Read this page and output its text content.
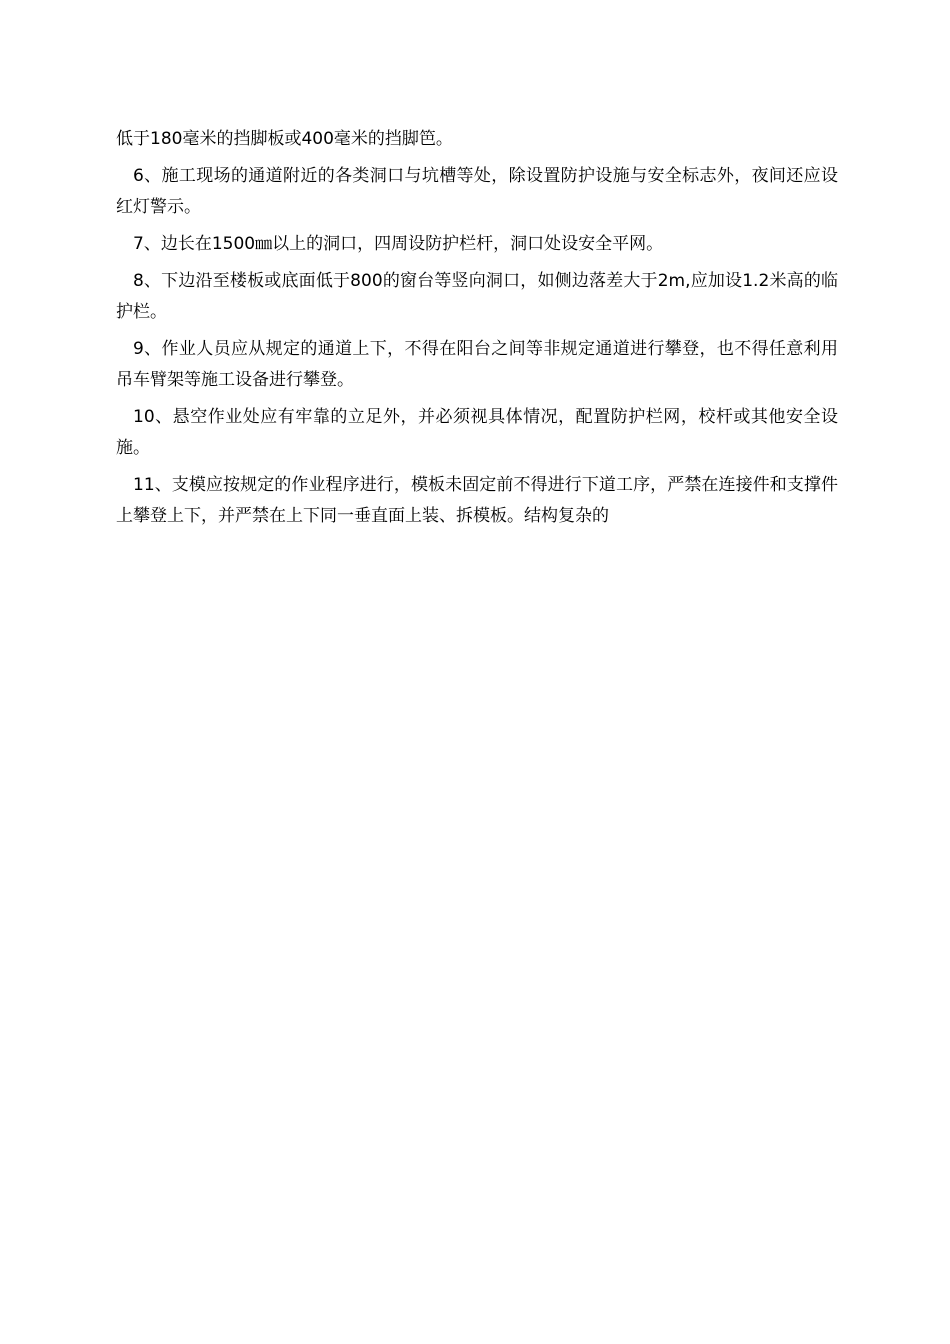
低于180毫米的挡脚板或400毫米的挡脚笆。

6、施工现场的通道附近的各类洞口与坑槽等处，除设置防护设施与安全标志外，夜间还应设红灯警示。

7、边长在1500㎜以上的洞口，四周设防护栏杆，洞口处设安全平网。

8、下边沿至楼板或底面低于800的窗台等竖向洞口，如侧边落差大于2m,应加设1.2米高的临护栏。

9、作业人员应从规定的通道上下，不得在阳台之间等非规定通道进行攀登，也不得任意利用吊车臂架等施工设备进行攀登。

10、悬空作业处应有牢靠的立足外，并必须视具体情况，配置防护栏网，校杆或其他安全设施。

11、支模应按规定的作业程序进行，模板未固定前不得进行下道工序，严禁在连接件和支撑件上攀登上下，并严禁在上下同一垂直面上装、拆模板。结构复杂的
